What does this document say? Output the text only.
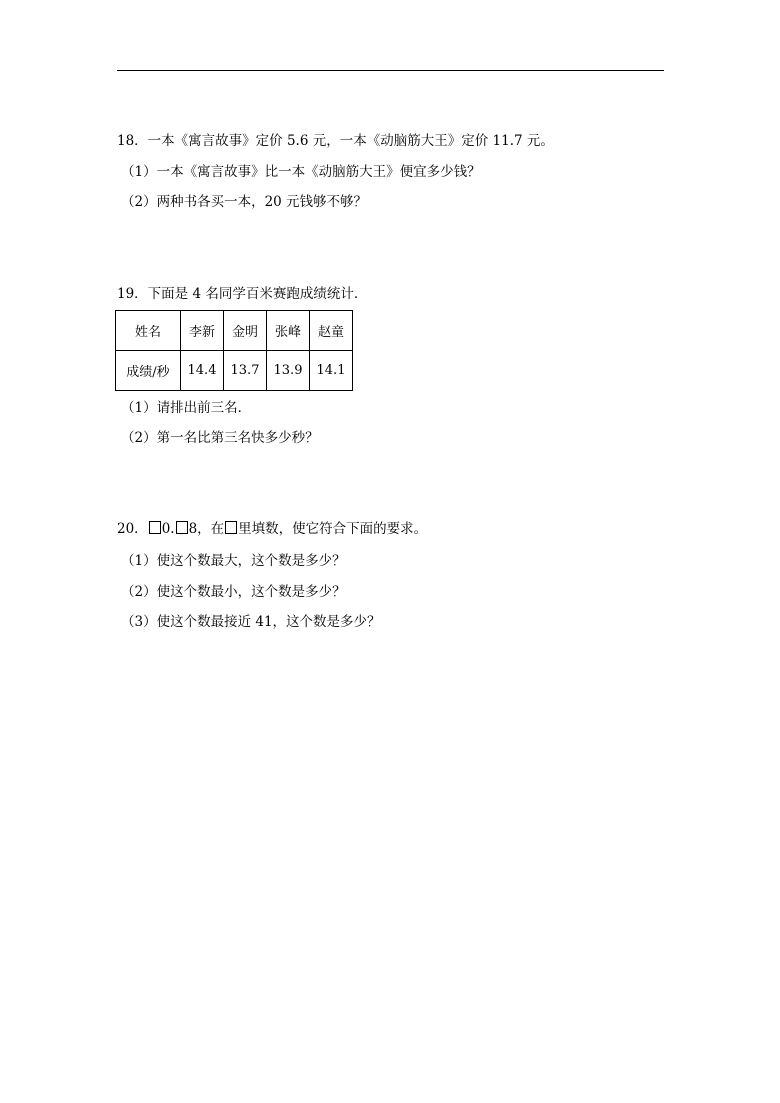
18．一本《寓言故事》定价 5.6 元，一本《动脑筋大王》定价 11.7 元。
（1）一本《寓言故事》比一本《动脑筋大王》便宜多少钱？
（2）两种书各买一本，20 元钱够不够？
19．下面是 4 名同学百米赛跑成绩统计．
姓名	李新	金明	张峰	赵童
成绩/秒	14.4	13.7	13.9	14.1
（1）请排出前三名．
（2）第一名比第三名快多少秒？
20． 0. 8，在 里填数，使它符合下面的要求。
（1）使这个数最大，这个数是多少？
（2）使这个数最小，这个数是多少？
（3）使这个数最接近 41，这个数是多少？
